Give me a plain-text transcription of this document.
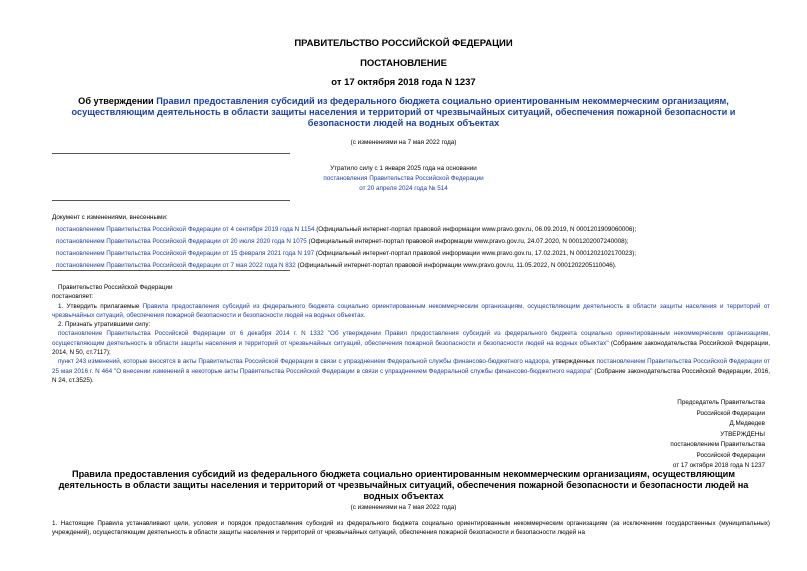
ПРАВИТЕЛЬСТВО РОССИЙСКОЙ ФЕДЕРАЦИИ
ПОСТАНОВЛЕНИЕ
от 17 октября 2018 года N 1237
Об утверждении Правил предоставления субсидий из федерального бюджета социально ориентированным некоммерческим организациям, осуществляющим деятельность в области защиты населения и территорий от чрезвычайных ситуаций, обеспечения пожарной безопасности и безопасности людей на водных объектах
(с изменениями на 7 мая 2022 года)
Утратило силу с 1 января 2025 года на основании
постановления Правительства Российской Федерации
от 20 апреля 2024 года № 514
Документ с изменениями, внесенными:
постановлением Правительства Российской Федерации от 4 сентября 2019 года N 1154 (Официальный интернет-портал правовой информации www.pravo.gov.ru, 06.09.2019, N 0001201909060006);
постановлением Правительства Российской Федерации от 20 июля 2020 года N 1075 (Официальный интернет-портал правовой информации www.pravo.gov.ru, 24.07.2020, N 0001202007240008);
постановлением Правительства Российской Федерации от 15 февраля 2021 года N 197 (Официальный интернет-портал правовой информации www.pravo.gov.ru, 17.02.2021, N 0001202102170023);
постановлением Правительства Российской Федерации от 7 мая 2022 года N 832 (Официальный интернет-портал правовой информации www.pravo.gov.ru, 11.05.2022, N 0001202205110046).

Правительство Российской Федерации

постановляет:

1. Утвердить прилагаемые Правила предоставления субсидий из федерального бюджета социально ориентированным некоммерческим организациям, осуществляющим деятельность в области защиты населения и территорий от чрезвычайных ситуаций, обеспечения пожарной безопасности и безопасности людей на водных объектах.

2. Признать утратившими силу:

постановление Правительства Российской Федерации от 6 декабря 2014 г. N 1332 "Об утверждении Правил предоставления субсидий из федерального бюджета социально ориентированным некоммерческим организациям, осуществляющим деятельность в области защиты населения и территорий от чрезвычайных ситуаций, обеспечения пожарной безопасности и безопасности людей на водных объектах" (Собрание законодательства Российской Федерации, 2014, N 50, ст.7117);

пункт 243 изменений, которые вносятся в акты Правительства Российской Федерации в связи с упразднением Федеральной службы финансово-бюджетного надзора, утвержденных постановлением Правительства Российской Федерации от 25 мая 2016 г. N 464 "О внесении изменений в некоторые акты Правительства Российской Федерации в связи с упразднением Федеральной службы финансово-бюджетного надзора" (Собрание законодательства Российской Федерации, 2016, N 24, ст.3525).

Председатель Правительства
Российской Федерации
Д.Медведев
УТВЕРЖДЕНЫ
постановлением Правительства
Российской Федерации
от 17 октября 2018 года N 1237
Правила предоставления субсидий из федерального бюджета социально ориентированным некоммерческим организациям, осуществляющим деятельность в области защиты населения и территорий от чрезвычайных ситуаций, обеспечения пожарной безопасности и безопасности людей на водных объектах
(с изменениями на 7 мая 2022 года)
1. Настоящие Правила устанавливают цели, условия и порядок предоставления субсидий из федерального бюджета социально ориентированным некоммерческим организациям (за исключением государственных (муниципальных) учреждений), осуществляющим деятельность в области защиты населения и территорий от чрезвычайных ситуаций, обеспечения пожарной безопасности и безопасности людей на
